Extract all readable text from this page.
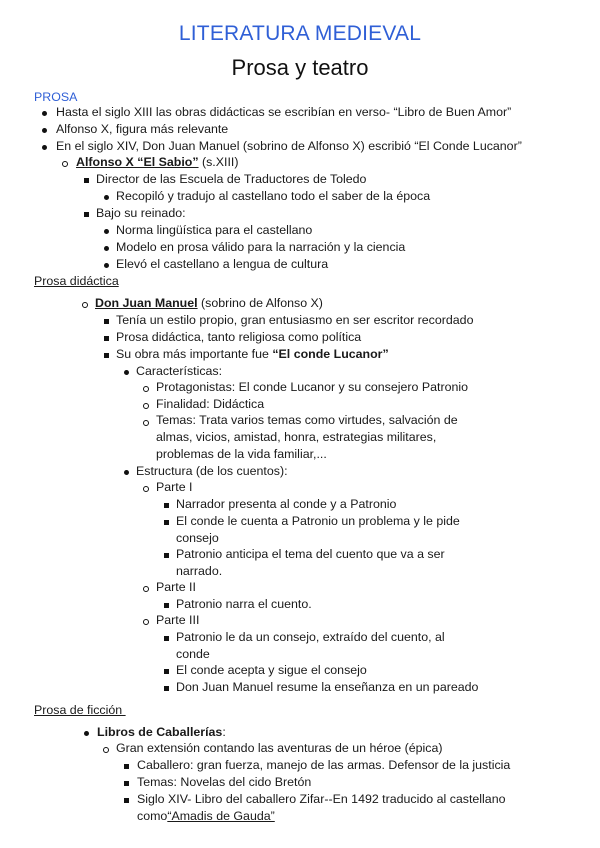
LITERATURA MEDIEVAL
Prosa y teatro
PROSA
Hasta el siglo XIII las obras didácticas se escribían en verso- “Libro de Buen Amor”
Alfonso X, figura más relevante
En el siglo XIV, Don Juan Manuel (sobrino de Alfonso X) escribió “El Conde Lucanor”
Alfonso X “El Sabio” (s.XIII)
Director de las Escuela de Traductores de Toledo
Recopiló y tradujo al castellano todo el saber de la época
Bajo su reinado:
Norma lingüística para el castellano
Modelo en prosa válido para la narración y la ciencia
Elevó el castellano a lengua de cultura
Prosa didáctica
Don Juan Manuel (sobrino de Alfonso X)
Tenía un estilo propio, gran entusiasmo en ser escritor recordado
Prosa didáctica, tanto religiosa como política
Su obra más importante fue “El conde Lucanor”
Características:
Protagonistas: El conde Lucanor y su consejero Patronio
Finalidad: Didáctica
Temas: Trata varios temas como virtudes, salvación de
almas, vicios, amistad, honra, estrategias militares,
problemas de la vida familiar,...
Estructura (de los cuentos):
Parte I
Narrador presenta al conde y a Patronio
El conde le cuenta a Patronio un problema y le pide
consejo
Patronio anticipa el tema del cuento que va a ser
narrado.
Parte II
Patronio narra el cuento.
Parte III
Patronio le da un consejo, extraído del cuento, al
conde
El conde acepta y sigue el consejo
Don Juan Manuel resume la enseñanza en un pareado
Prosa de ficción
Libros de Caballerías:
Gran extensión contando las aventuras de un héroe (épica)
Caballero: gran fuerza, manejo de las armas. Defensor de la justicia
Temas: Novelas del cido Bretón
Siglo XIV- Libro del caballero Zifar--En 1492 traducido al castellano
como“Amadis de Gauda”
